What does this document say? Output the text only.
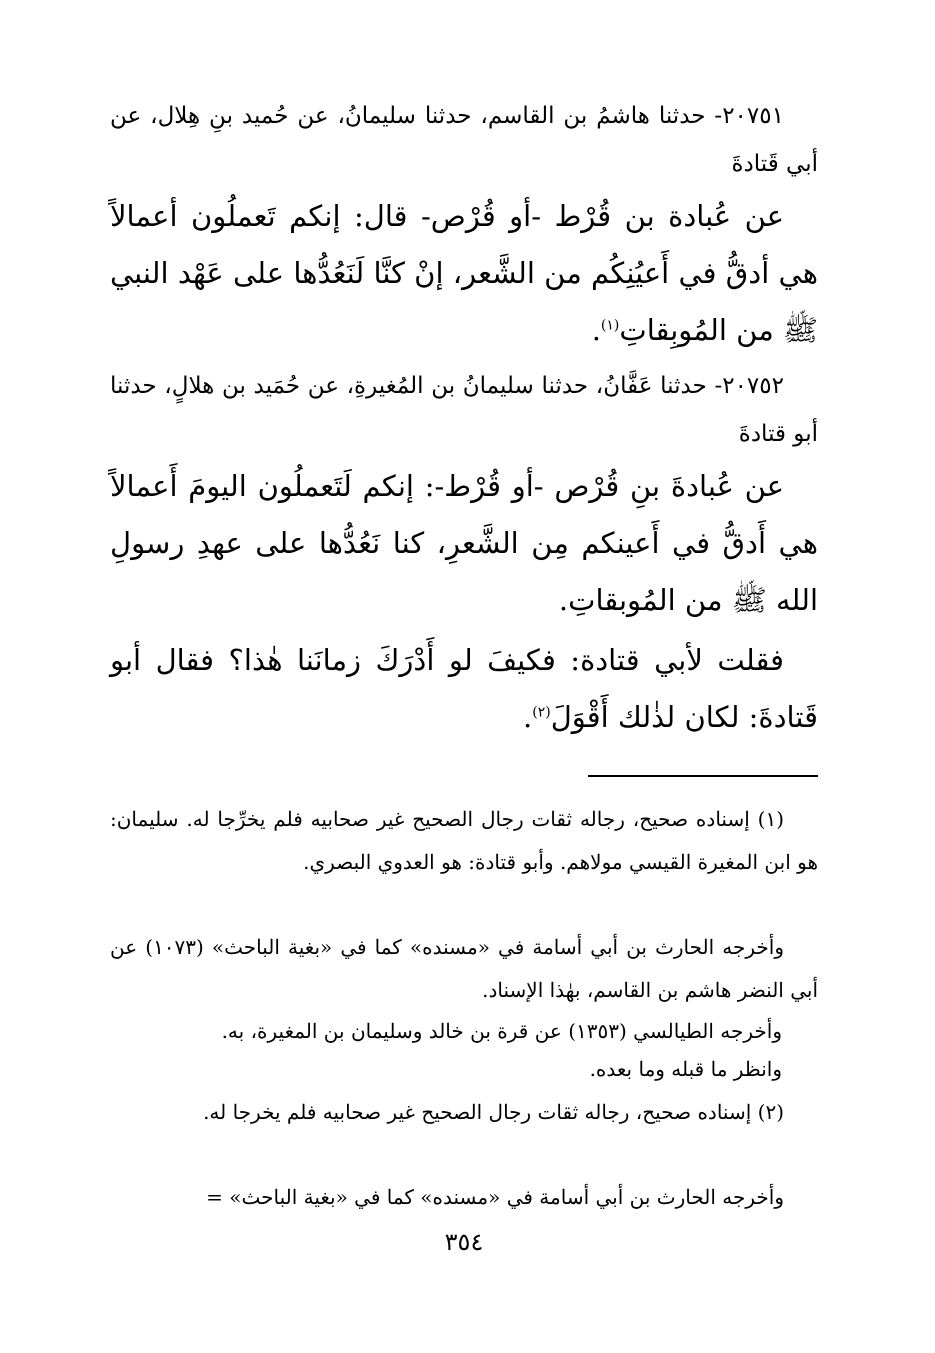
٢٠٧٥١- حدثنا هاشمُ بن القاسم، حدثنا سليمانُ، عن حُميد بنِ هِلال، عن أبي قَتادةَ

عن عُبادة بن قُرْط -أو قُرْص- قال: إنكم تَعملُون أعمالاً هي أدقُّ في أَعيُنِكُم من الشَّعر، إنْ كنَّا لَنَعُدُّها على عَهْد النبي ﷺ من المُوبِقاتِ$^{(١)}$.

٢٠٧٥٢- حدثنا عَفَّانُ، حدثنا سليمانُ بن المُغيرةِ، عن حُمَيد بن هلالٍ، حدثنا أبو قتادةَ

عن عُبادةَ بنِ قُرْص -أو قُرْط-: إنكم لَتَعملُون اليومَ أَعمالاً هي أَدقُّ في أَعينكم مِن الشَّعرِ، كنا نَعُدُّها على عهدِ رسولِ الله ﷺ من المُوبقاتِ.

فقلت لأبي قتادة: فكيفَ لو أَدْرَكَ زمانَنا هٰذا؟ فقال أبو قَتادةَ: لكان لذٰلك أَقْوَلَ$^{(٢)}$.

(١) إسناده صحيح، رجاله ثقات رجال الصحيح غير صحابيه فلم يخرِّجا له. سليمان: هو ابن المغيرة القيسي مولاهم. وأبو قتادة: هو العدوي البصري.

وأخرجه الحارث بن أبي أسامة في «مسنده» كما في «بغية الباحث» (١٠٧٣) عن أبي النضر هاشم بن القاسم، بهٰذا الإسناد.

وأخرجه الطيالسي (١٣٥٣) عن قرة بن خالد وسليمان بن المغيرة، به.

وانظر ما قبله وما بعده.

(٢) إسناده صحيح، رجاله ثقات رجال الصحيح غير صحابيه فلم يخرجا له.

وأخرجه الحارث بن أبي أسامة في «مسنده» كما في «بغية الباحث» =

٣٥٤
